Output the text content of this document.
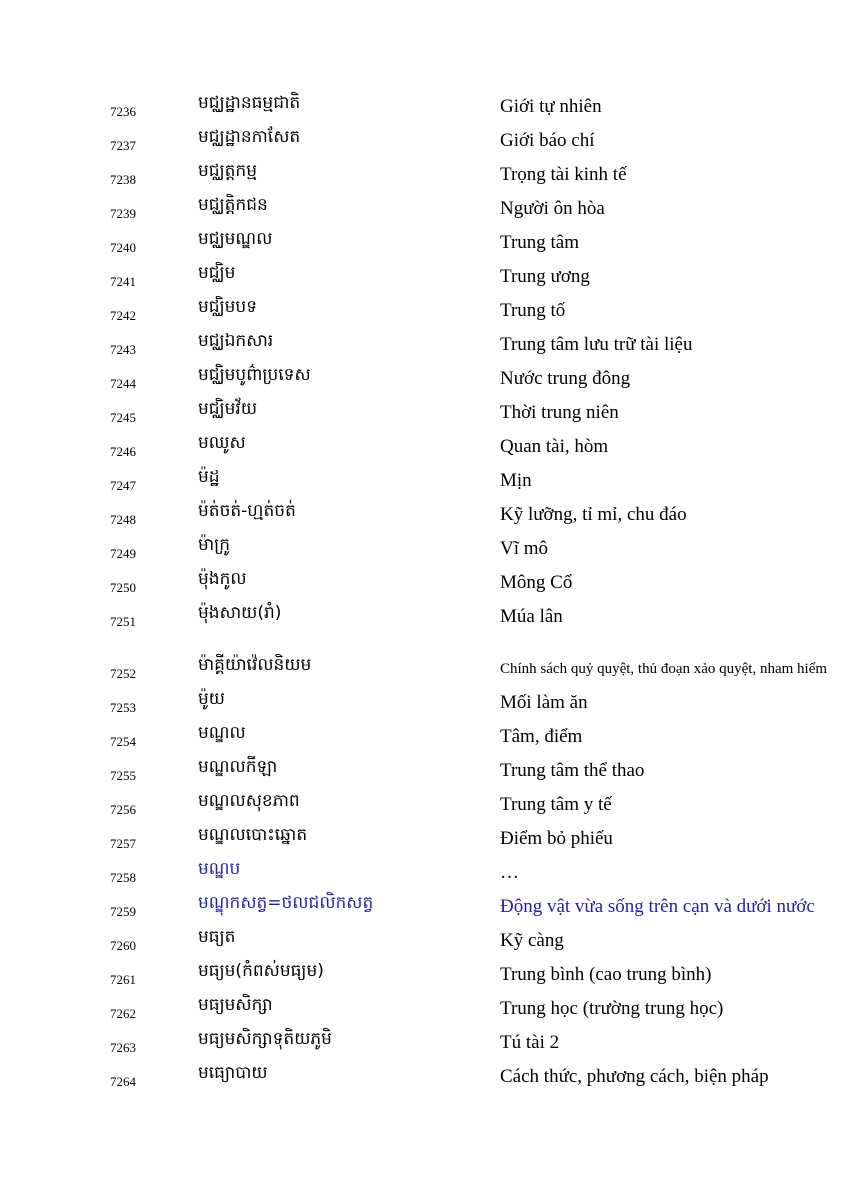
7236	មជ្ឈដ្ឋានធម្មជាតិ	Giới tự nhiên
7237	មជ្ឈដ្ឋានកាសែត	Giới báo chí
7238	មជ្ឈត្តកម្ម	Trọng tài kinh tế
7239	មជ្ឈត្តិកជន	Người ôn hòa
7240	មជ្ឈមណ្ឌល	Trung tâm
7241	មជ្ឈិម	Trung ương
7242	មជ្ឈិមបទ	Trung tố
7243	មជ្ឈឯកសារ	Trung tâm lưu trữ tài liệu
7244	មជ្ឈិមបូព៌ាប្រទេស	Nước trung đông
7245	មជ្ឈិមវ័យ	Thời trung niên
7246	មឈូស	Quan tài, hòm
7247	ម៉ដ្ឋ	Mịn
7248	ម៉ត់ចត់-ហ្មត់ចត់	Kỹ lưỡng, tỉ mỉ, chu đáo
7249	ម៉ាក្រូ	Vĩ mô
7250	ម៉ុងកូល	Mông Cổ
7251	ម៉ុងសាយ(រាំ)	Múa lân
7252	ម៉ាគ្គីយ៉ាវ៉េលនិយម	Chính sách quỷ quyệt, thủ đoạn xảo quyệt, nham hiểm
7253	ម៉ូយ	Mối làm ăn
7254	មណ្ឌល	Tâm, điểm
7255	មណ្ឌលកីឡា	Trung tâm thể thao
7256	មណ្ឌលសុខភាព	Trung tâm y tế
7257	មណ្ឌលបោះឆ្នោត	Điểm bỏ phiếu
7258	មណ្ឌប	…
7259	មណ្ឌុកសត្វ=ថលជលិកសត្វ	Động vật vừa sống trên cạn và dưới nước
7260	មធ្យត	Kỹ càng
7261	មធ្យម(កំពស់មធ្យម)	Trung bình (cao trung bình)
7262	មធ្យមសិក្សា	Trung học (trường trung học)
7263	មធ្យមសិក្សាទុតិយភូមិ	Tú tài 2
7264	មធ្យោបាយ	Cách thức, phương cách, biện pháp
